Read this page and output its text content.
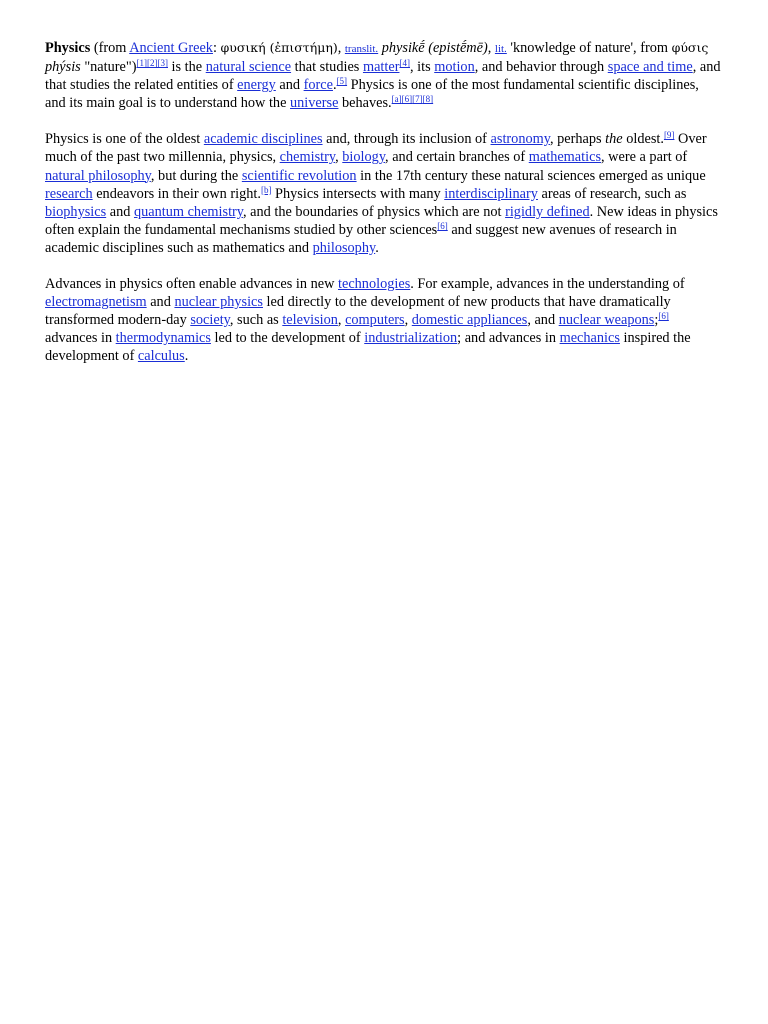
Physics (from Ancient Greek: φυσική (ἐπιστήμη), translit. physikḗ (epistḗmē), lit. 'knowledge of nature', from φύσις phýsis "nature")[1][2][3] is the natural science that studies matter[4], its motion, and behavior through space and time, and that studies the related entities of energy and force.[5] Physics is one of the most fundamental scientific disciplines, and its main goal is to understand how the universe behaves.[a][6][7][8]

Physics is one of the oldest academic disciplines and, through its inclusion of astronomy, perhaps the oldest.[9] Over much of the past two millennia, physics, chemistry, biology, and certain branches of mathematics, were a part of natural philosophy, but during the scientific revolution in the 17th century these natural sciences emerged as unique research endeavors in their own right.[b] Physics intersects with many interdisciplinary areas of research, such as biophysics and quantum chemistry, and the boundaries of physics which are not rigidly defined. New ideas in physics often explain the fundamental mechanisms studied by other sciences[6] and suggest new avenues of research in academic disciplines such as mathematics and philosophy.

Advances in physics often enable advances in new technologies. For example, advances in the understanding of electromagnetism and nuclear physics led directly to the development of new products that have dramatically transformed modern-day society, such as television, computers, domestic appliances, and nuclear weapons;[6] advances in thermodynamics led to the development of industrialization; and advances in mechanics inspired the development of calculus.
